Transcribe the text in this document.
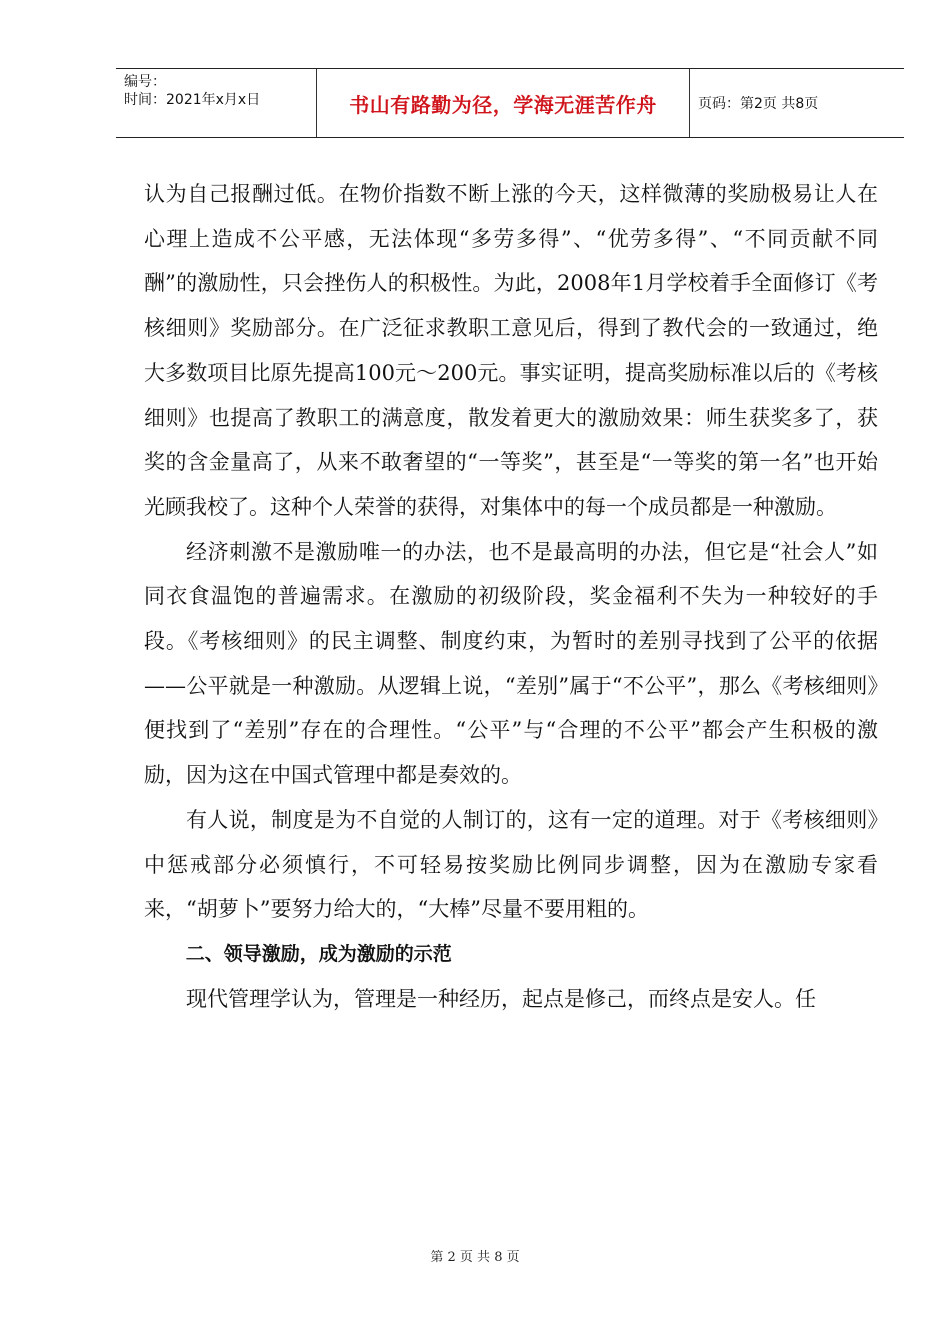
编号：
时间：2021年x月x日	书山有路勤为径，学海无涯苦作舟	页码：第2页 共8页

认为自己报酬过低。在物价指数不断上涨的今天，这样微薄的奖励极易让人在心理上造成不公平感，无法体现“多劳多得”、“优劳多得”、“不同贡献不同酬”的激励性，只会挫伤人的积极性。为此，2008年1月学校着手全面修订《考核细则》奖励部分。在广泛征求教职工意见后，得到了教代会的一致通过，绝大多数项目比原先提高100元～200元。事实证明，提高奖励标准以后的《考核细则》也提高了教职工的满意度，散发着更大的激励效果：师生获奖多了，获奖的含金量高了，从来不敢奢望的“一等奖”，甚至是“一等奖的第一名”也开始光顾我校了。这种个人荣誉的获得，对集体中的每一个成员都是一种激励。

经济刺激不是激励唯一的办法，也不是最高明的办法，但它是“社会人”如同衣食温饱的普遍需求。在激励的初级阶段，奖金福利不失为一种较好的手段。《考核细则》的民主调整、制度约束，为暂时的差别寻找到了公平的依据——公平就是一种激励。从逻辑上说，“差别”属于“不公平”，那么《考核细则》便找到了“差别”存在的合理性。“公平”与“合理的不公平”都会产生积极的激励，因为这在中国式管理中都是奏效的。

有人说，制度是为不自觉的人制订的，这有一定的道理。对于《考核细则》中惩戒部分必须慎行，不可轻易按奖励比例同步调整，因为在激励专家看来，“胡萝卜”要努力给大的，“大棒”尽量不要用粗的。

二、领导激励，成为激励的示范

现代管理学认为，管理是一种经历，起点是修己，而终点是安人。任

第 2 页 共 8 页
